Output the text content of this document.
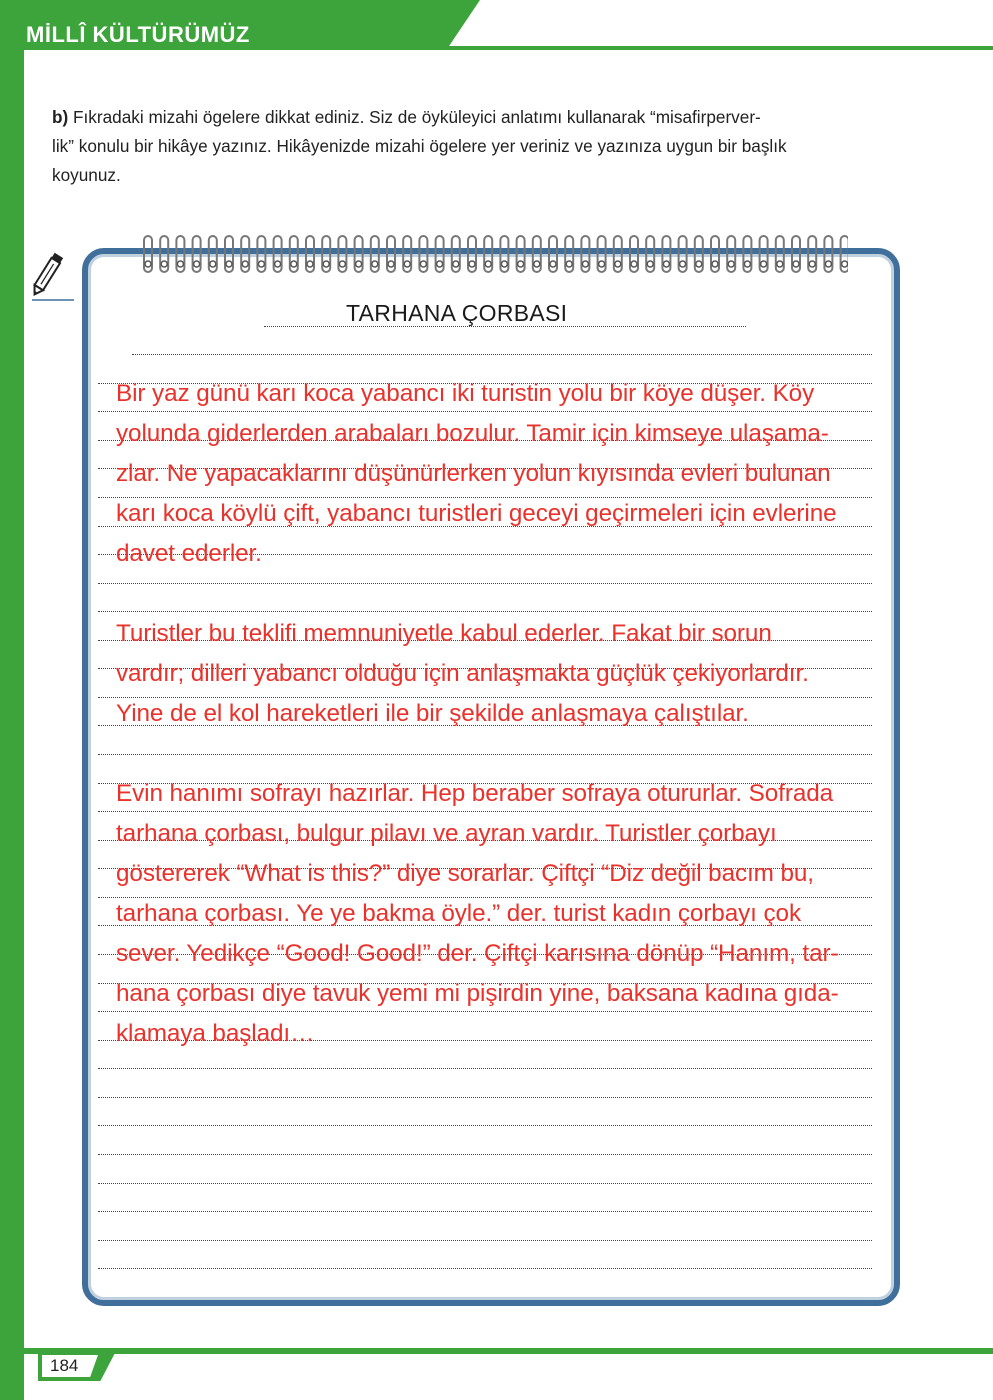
MİLLÎ KÜLTÜRÜMÜZ
b) Fıkradaki mizahi ögelere dikkat ediniz. Siz de öyküleyici anlatımı kullanarak “misafirperver-
lik” konulu bir hikâye yazınız. Hikâyenizde mizahi ögelere yer veriniz ve yazınıza uygun bir başlık
koyunuz.
TARHANA ÇORBASI
Bir yaz günü karı koca yabancı iki turistin yolu bir köye düşer. Köy
yolunda giderlerden arabaları bozulur. Tamir için kimseye ulaşama-
zlar. Ne yapacaklarını düşünürlerken yolun kıyısında evleri bulunan
karı koca köylü çift, yabancı turistleri geceyi geçirmeleri için evlerine
davet ederler.
Turistler bu teklifi memnuniyetle kabul ederler. Fakat bir sorun
vardır; dilleri yabancı olduğu için anlaşmakta güçlük çekiyorlardır.
Yine de el kol hareketleri ile bir şekilde anlaşmaya çalıştılar.
Evin hanımı sofrayı hazırlar. Hep beraber sofraya otururlar. Sofrada
tarhana çorbası, bulgur pilavı ve ayran vardır. Turistler çorbayı
göstererek “What is this?” diye sorarlar. Çiftçi “Diz değil bacım bu,
tarhana çorbası. Ye ye bakma öyle.” der. turist kadın çorbayı çok
sever. Yedikçe “Good! Good!” der. Çiftçi karısına dönüp “Hanım, tar-
hana çorbası diye tavuk yemi mi pişirdin yine, baksana kadına gıda-
klamaya başladı…
184
